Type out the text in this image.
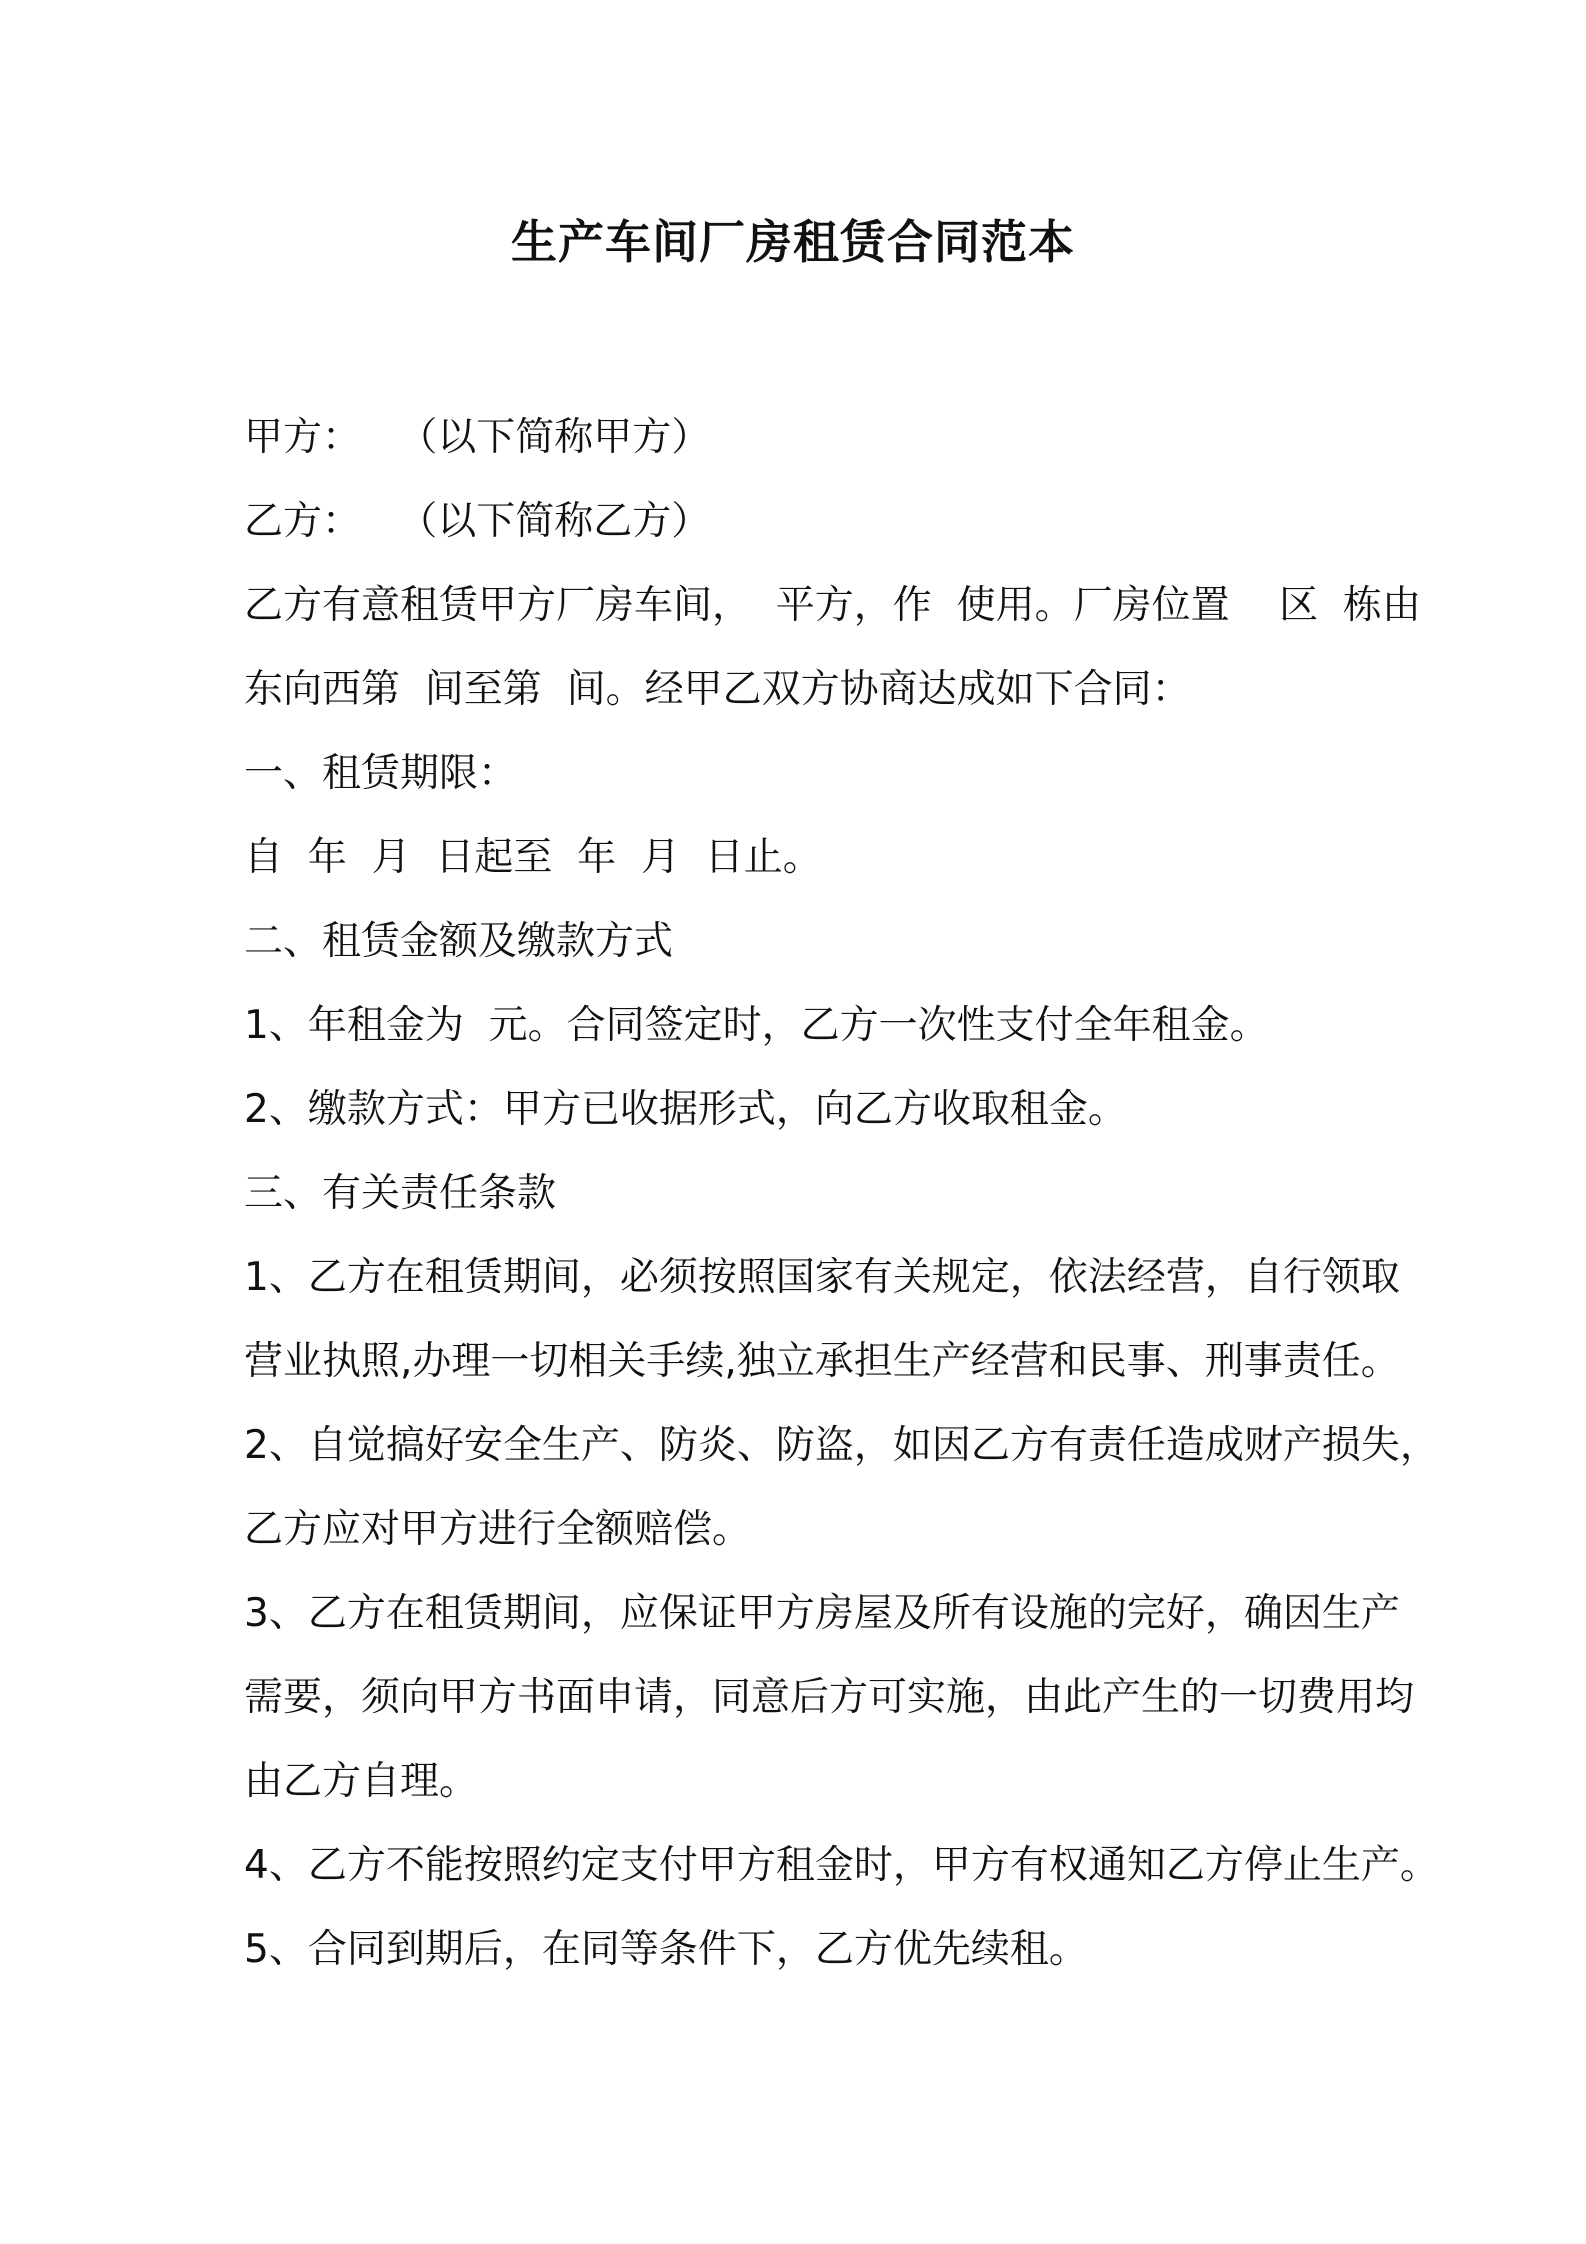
生产车间厂房租赁合同范本
甲方：   （以下简称甲方）
乙方：   （以下简称乙方）
乙方有意租赁甲方厂房车间，  平方，作  使用。厂房位置    区  栋由
东向西第  间至第  间。经甲乙双方协商达成如下合同：
一、租赁期限：
自  年  月  日起至  年  月  日止。
二、租赁金额及缴款方式
1、年租金为  元。合同签定时，乙方一次性支付全年租金。
2、缴款方式：甲方已收据形式，向乙方收取租金。
三、有关责任条款
1、乙方在租赁期间，必须按照国家有关规定，依法经营，自行领取
营业执照,办理一切相关手续,独立承担生产经营和民事、刑事责任。
2、自觉搞好安全生产、防炎、防盗，如因乙方有责任造成财产损失，
乙方应对甲方进行全额赔偿。
3、乙方在租赁期间，应保证甲方房屋及所有设施的完好，确因生产
需要，须向甲方书面申请，同意后方可实施，由此产生的一切费用均
由乙方自理。
4、乙方不能按照约定支付甲方租金时，甲方有权通知乙方停止生产。
5、合同到期后，在同等条件下，乙方优先续租。
